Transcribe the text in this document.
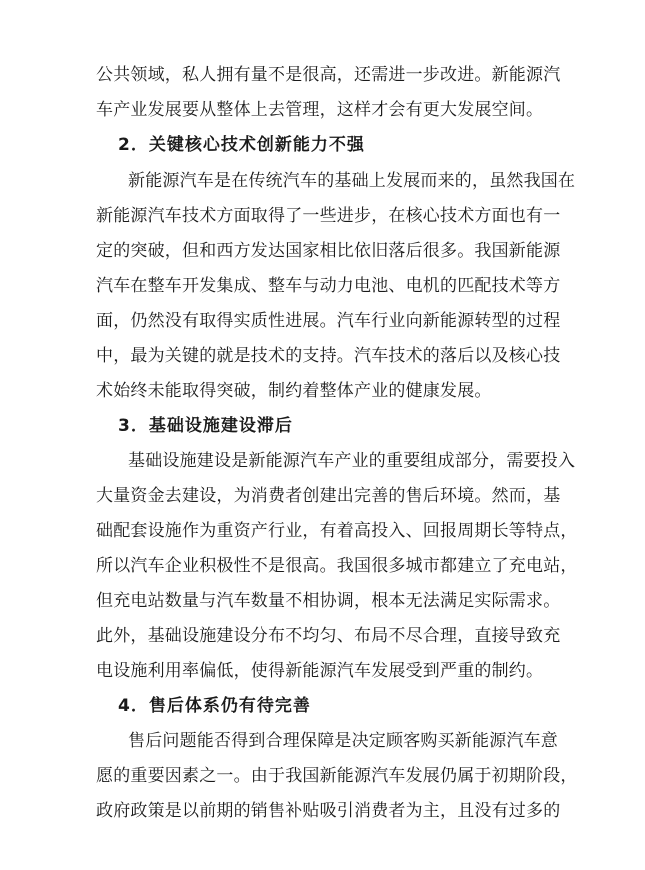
公共领域，私人拥有量不是很高，还需进一步改进。新能源汽
车产业发展要从整体上去管理，这样才会有更大发展空间。
2．关键核心技术创新能力不强
新能源汽车是在传统汽车的基础上发展而来的，虽然我国在
新能源汽车技术方面取得了一些进步，在核心技术方面也有一
定的突破，但和西方发达国家相比依旧落后很多。我国新能源
汽车在整车开发集成、整车与动力电池、电机的匹配技术等方
面，仍然没有取得实质性进展。汽车行业向新能源转型的过程
中，最为关键的就是技术的支持。汽车技术的落后以及核心技
术始终未能取得突破，制约着整体产业的健康发展。
3．基础设施建设滞后
基础设施建设是新能源汽车产业的重要组成部分，需要投入
大量资金去建设，为消费者创建出完善的售后环境。然而，基
础配套设施作为重资产行业，有着高投入、回报周期长等特点，
所以汽车企业积极性不是很高。我国很多城市都建立了充电站，
但充电站数量与汽车数量不相协调，根本无法满足实际需求。
此外，基础设施建设分布不均匀、布局不尽合理，直接导致充
电设施利用率偏低，使得新能源汽车发展受到严重的制约。
4．售后体系仍有待完善
售后问题能否得到合理保障是决定顾客购买新能源汽车意
愿的重要因素之一。由于我国新能源汽车发展仍属于初期阶段，
政府政策是以前期的销售补贴吸引消费者为主，且没有过多的
